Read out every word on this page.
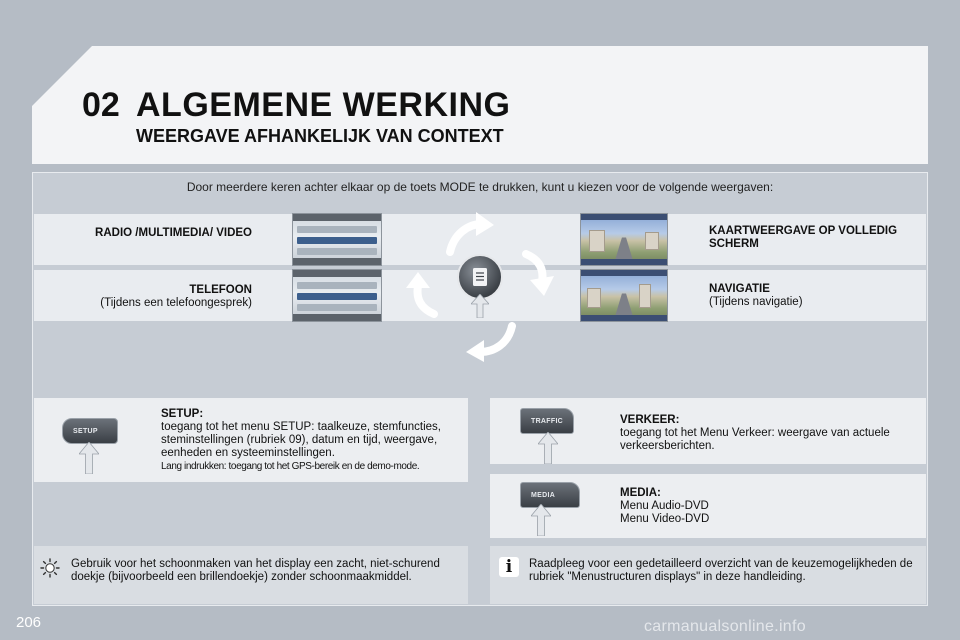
02 ALGEMENE WERKING
WEERGAVE AFHANKELIJK VAN CONTEXT
Door meerdere keren achter elkaar op de toets MODE te drukken, kunt u kiezen voor de volgende weergaven:
RADIO /MULTIMEDIA/ VIDEO
TELEFOON
(Tijdens een telefoongesprek)
KAARTWEERGAVE OP VOLLEDIG SCHERM
NAVIGATIE
(Tijdens navigatie)
SETUP
TRAFFIC
MEDIA
SETUP:
toegang tot het menu SETUP: taalkeuze, stemfuncties, steminstellingen (rubriek 09), datum en tijd, weergave, eenheden en systeeminstellingen.
Lang indrukken: toegang tot het GPS-bereik en de demo-mode.
VERKEER:
toegang tot het Menu Verkeer: weergave van actuele verkeersberichten.
MEDIA:
Menu Audio-DVD
Menu Video-DVD
Gebruik voor het schoonmaken van het display een zacht, niet-schurend doekje (bijvoorbeeld een brillendoekje) zonder schoonmaakmiddel.	i	Raadpleeg voor een gedetailleerd overzicht van de keuzemogelijkheden de rubriek "Menustructuren displays" in deze handleiding.
206	carmanualsonline.info
